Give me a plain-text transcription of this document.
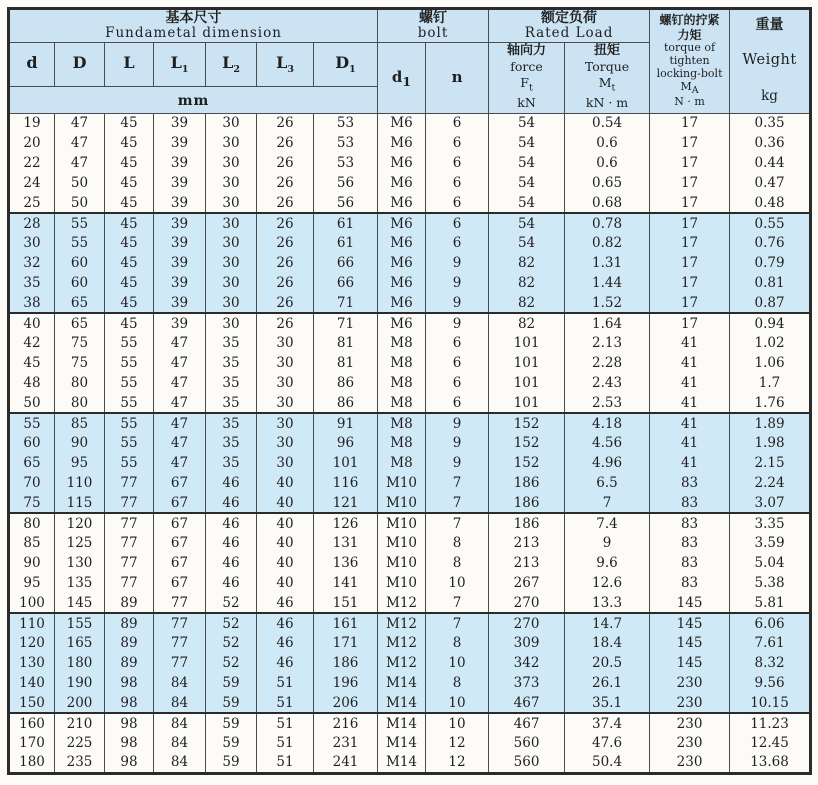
基本尺寸
Fundametal dimension

螺钉
bolt

额定负荷
Rated Load

螺钉的拧紧
力矩
torque of
tighten
locking-bolt
$M_A$
N · m

重量
Weight
kg

d	D	L	$L_1$	$L_2$	$L_3$	$D_1$	$d_1$	n	
轴向力
force
$F_t$
kN

扭矩
Torque
$M_t$
kN · m

mm												
19	47	45	39	30	26	53	M6	6	54	0.54	17	0.35
20	47	45	39	30	26	53	M6	6	54	0.6	17	0.36
22	47	45	39	30	26	53	M6	6	54	0.6	17	0.44
24	50	45	39	30	26	56	M6	6	54	0.65	17	0.47
25	50	45	39	30	26	56	M6	6	54	0.68	17	0.48
28	55	45	39	30	26	61	M6	6	54	0.78	17	0.55
30	55	45	39	30	26	61	M6	6	54	0.82	17	0.76
32	60	45	39	30	26	66	M6	9	82	1.31	17	0.79
35	60	45	39	30	26	66	M6	9	82	1.44	17	0.81
38	65	45	39	30	26	71	M6	9	82	1.52	17	0.87
40	65	45	39	30	26	71	M6	9	82	1.64	17	0.94
42	75	55	47	35	30	81	M8	6	101	2.13	41	1.02
45	75	55	47	35	30	81	M8	6	101	2.28	41	1.06
48	80	55	47	35	30	86	M8	6	101	2.43	41	1.7
50	80	55	47	35	30	86	M8	6	101	2.53	41	1.76
55	85	55	47	35	30	91	M8	9	152	4.18	41	1.89
60	90	55	47	35	30	96	M8	9	152	4.56	41	1.98
65	95	55	47	35	30	101	M8	9	152	4.96	41	2.15
70	110	77	67	46	40	116	M10	7	186	6.5	83	2.24
75	115	77	67	46	40	121	M10	7	186	7	83	3.07
80	120	77	67	46	40	126	M10	7	186	7.4	83	3.35
85	125	77	67	46	40	131	M10	8	213	9	83	3.59
90	130	77	67	46	40	136	M10	8	213	9.6	83	5.04
95	135	77	67	46	40	141	M10	10	267	12.6	83	5.38
100	145	89	77	52	46	151	M12	7	270	13.3	145	5.81
110	155	89	77	52	46	161	M12	7	270	14.7	145	6.06
120	165	89	77	52	46	171	M12	8	309	18.4	145	7.61
130	180	89	77	52	46	186	M12	10	342	20.5	145	8.32
140	190	98	84	59	51	196	M14	8	373	26.1	230	9.56
150	200	98	84	59	51	206	M14	10	467	35.1	230	10.15
160	210	98	84	59	51	216	M14	10	467	37.4	230	11.23
170	225	98	84	59	51	231	M14	12	560	47.6	230	12.45
180	235	98	84	59	51	241	M14	12	560	50.4	230	13.68
